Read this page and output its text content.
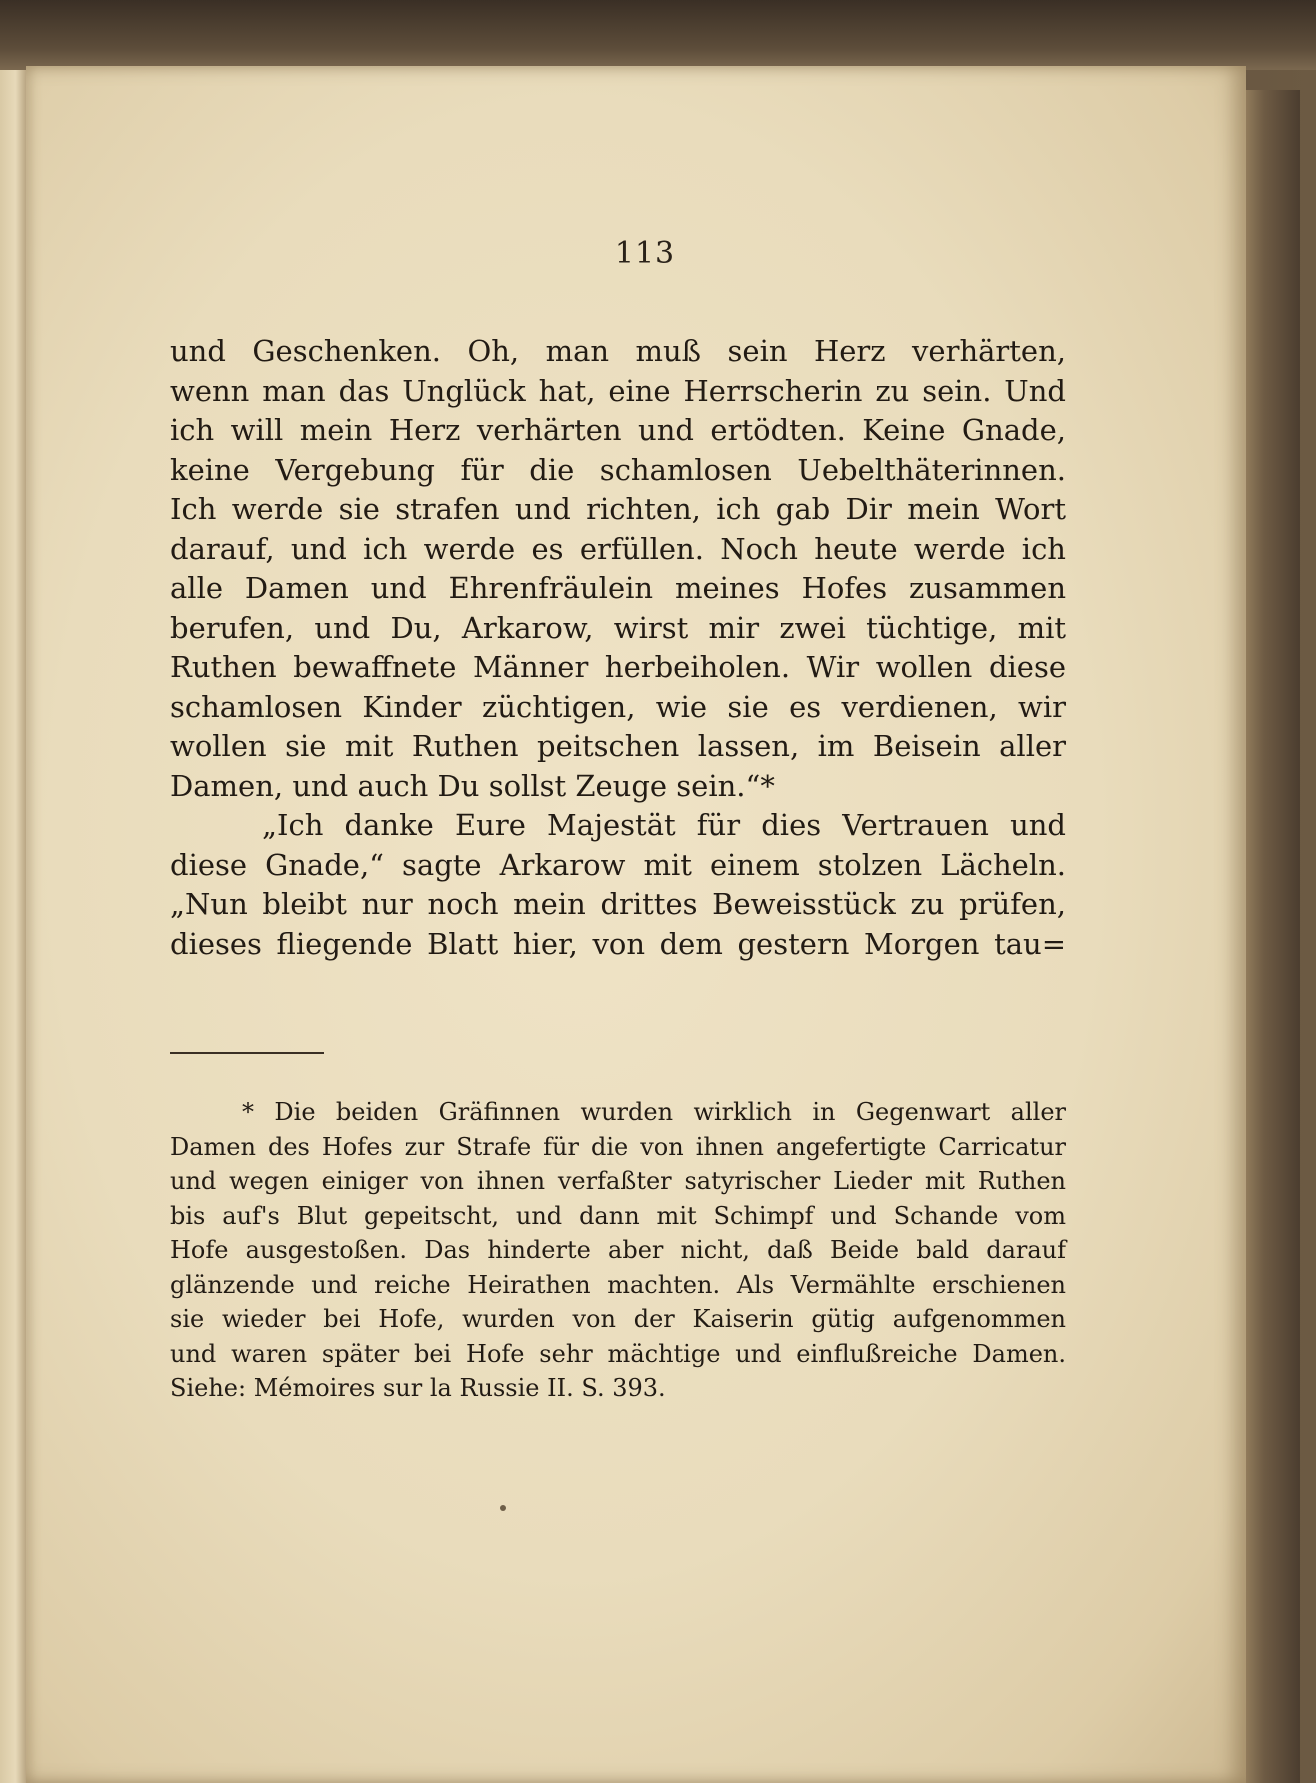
113
und Geschenken. Oh, man muß sein Herz verhärten,
wenn man das Unglück hat, eine Herrscherin zu sein. Und
ich will mein Herz verhärten und ertödten. Keine Gnade,
keine Vergebung für die schamlosen Uebelthäterinnen.
Ich werde sie strafen und richten, ich gab Dir mein Wort
darauf, und ich werde es erfüllen. Noch heute werde ich
alle Damen und Ehrenfräulein meines Hofes zusammen
berufen, und Du, Arkarow, wirst mir zwei tüchtige, mit
Ruthen bewaffnete Männer herbeiholen. Wir wollen diese
schamlosen Kinder züchtigen, wie sie es verdienen, wir
wollen sie mit Ruthen peitschen lassen, im Beisein aller
Damen, und auch Du sollst Zeuge sein.“*
„Ich danke Eure Majestät für dies Vertrauen und
diese Gnade,“ sagte Arkarow mit einem stolzen Lächeln.
„Nun bleibt nur noch mein drittes Beweisstück zu prüfen,
dieses fliegende Blatt hier, von dem gestern Morgen tau=
* Die beiden Gräfinnen wurden wirklich in Gegenwart aller
Damen des Hofes zur Strafe für die von ihnen angefertigte Carricatur
und wegen einiger von ihnen verfaßter satyrischer Lieder mit Ruthen
bis auf's Blut gepeitscht, und dann mit Schimpf und Schande vom
Hofe ausgestoßen. Das hinderte aber nicht, daß Beide bald darauf
glänzende und reiche Heirathen machten. Als Vermählte erschienen
sie wieder bei Hofe, wurden von der Kaiserin gütig aufgenommen
und waren später bei Hofe sehr mächtige und einflußreiche Damen.
Siehe: Mémoires sur la Russie II. S. 393.
